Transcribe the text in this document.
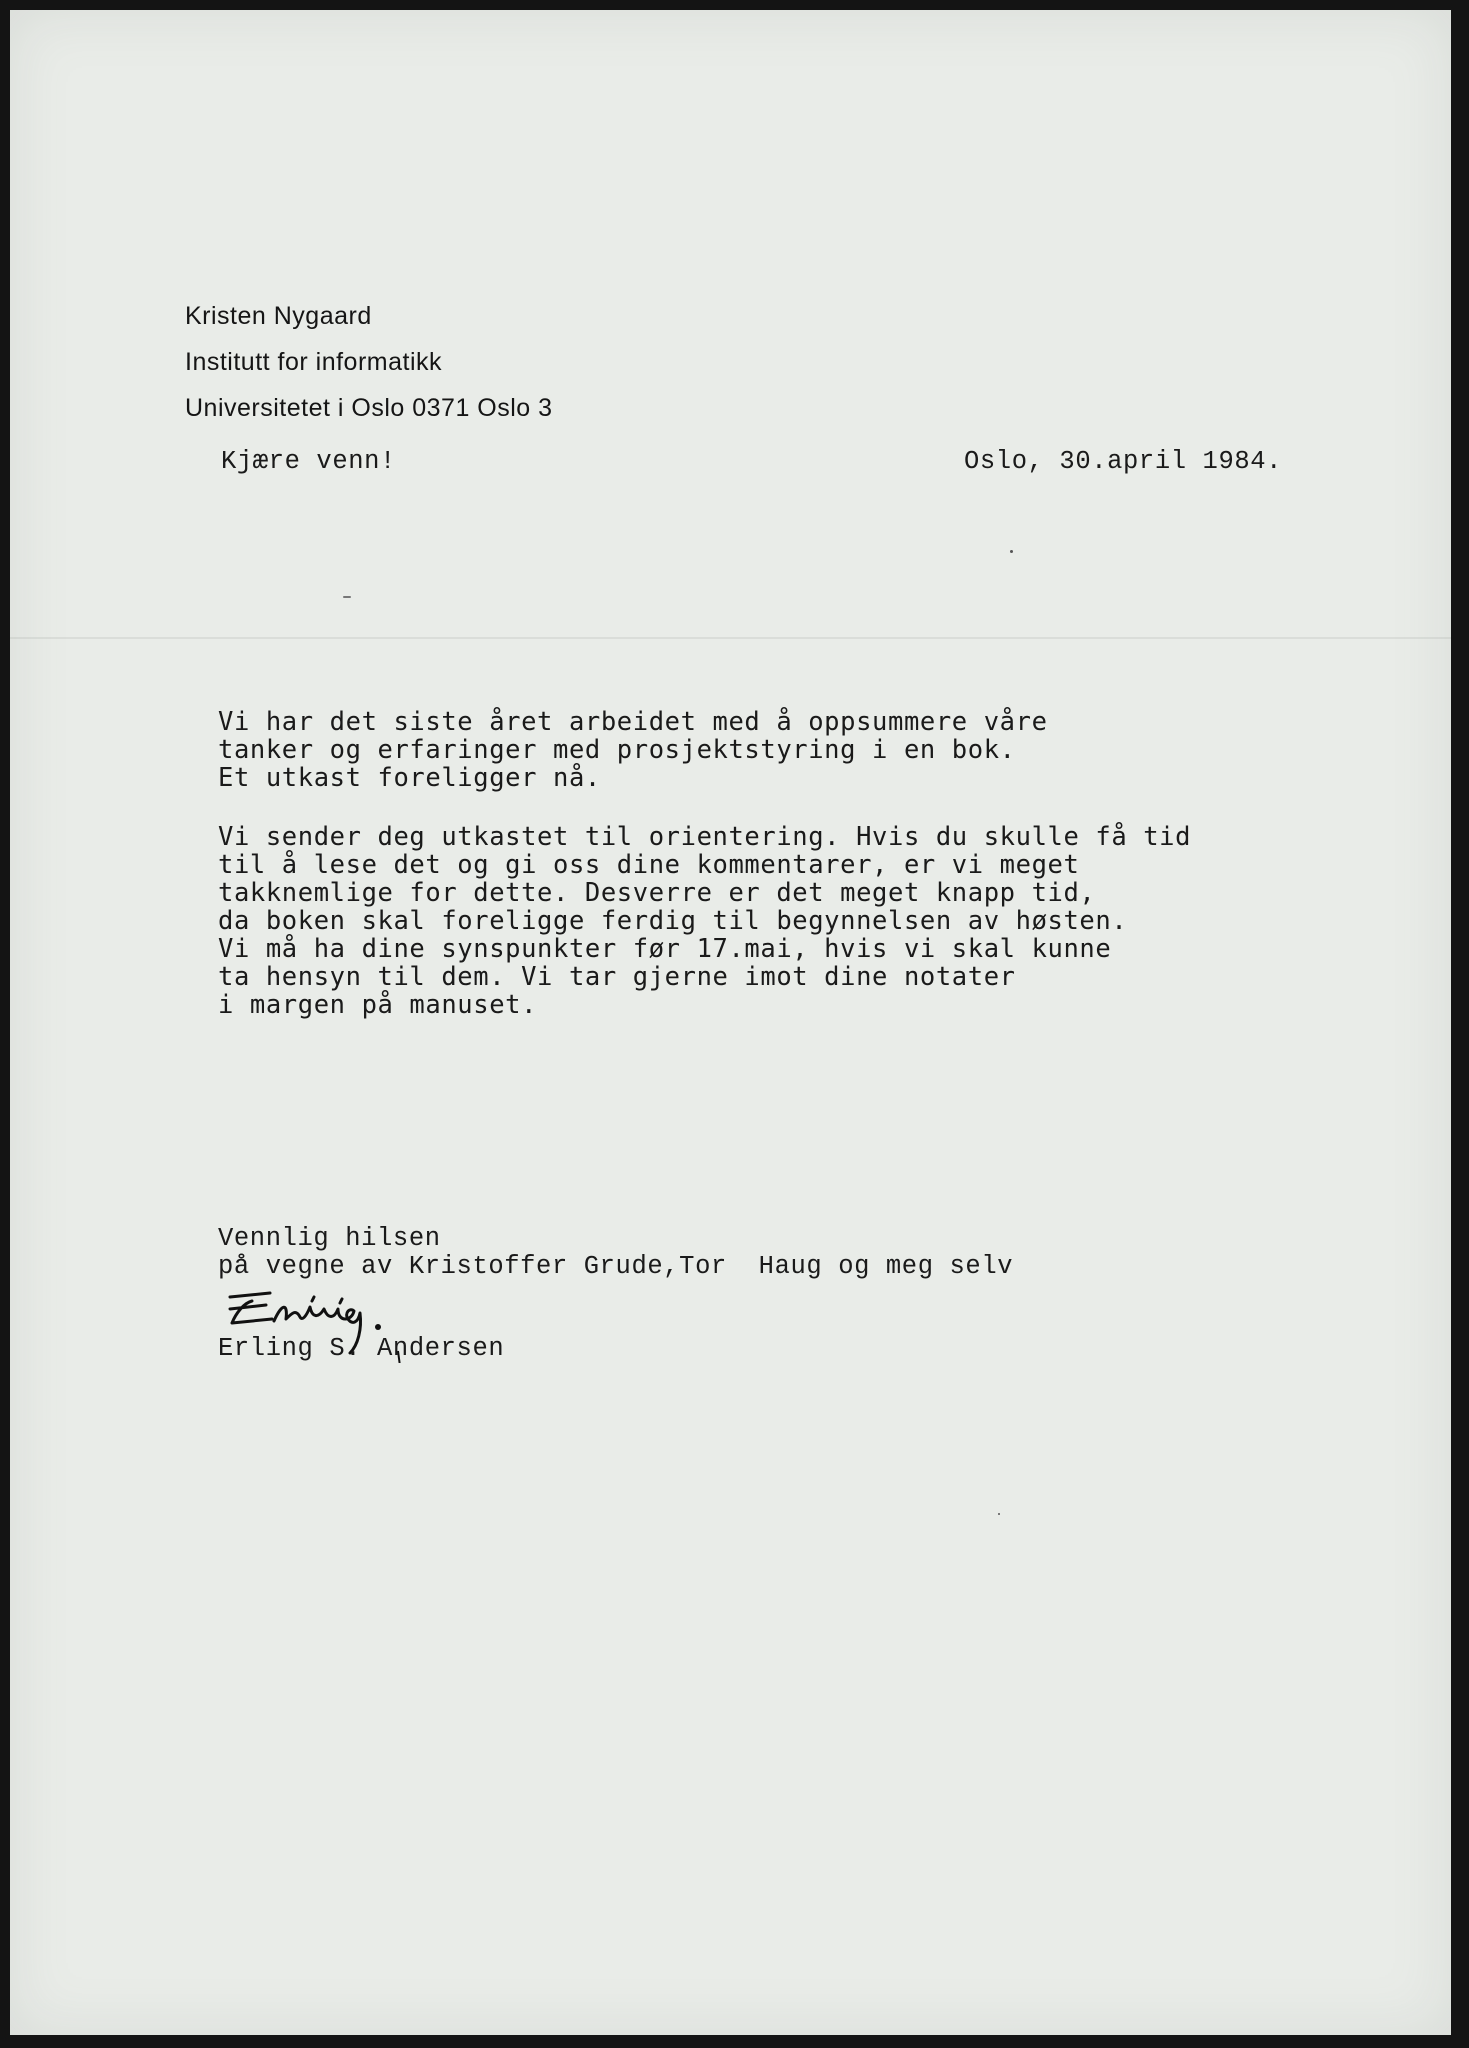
Kristen Nygaard
Institutt for informatikk
Universitetet i Oslo 0371 Oslo 3
Kjære venn!	Oslo, 30.april 1984.
Vi har det siste året arbeidet med å oppsummere våre
tanker og erfaringer med prosjektstyring i en bok.
Et utkast foreligger nå.
Vi sender deg utkastet til orientering. Hvis du skulle få tid
til å lese det og gi oss dine kommentarer, er vi meget
takknemlige for dette. Desverre er det meget knapp tid,
da boken skal foreligge ferdig til begynnelsen av høsten.
Vi må ha dine synspunkter før 17.mai, hvis vi skal kunne
ta hensyn til dem. Vi tar gjerne imot dine notater
i margen på manuset.
Vennlig hilsen
på vegne av Kristoffer Grude,Tor  Haug og meg selv
Erling S. Andersen
